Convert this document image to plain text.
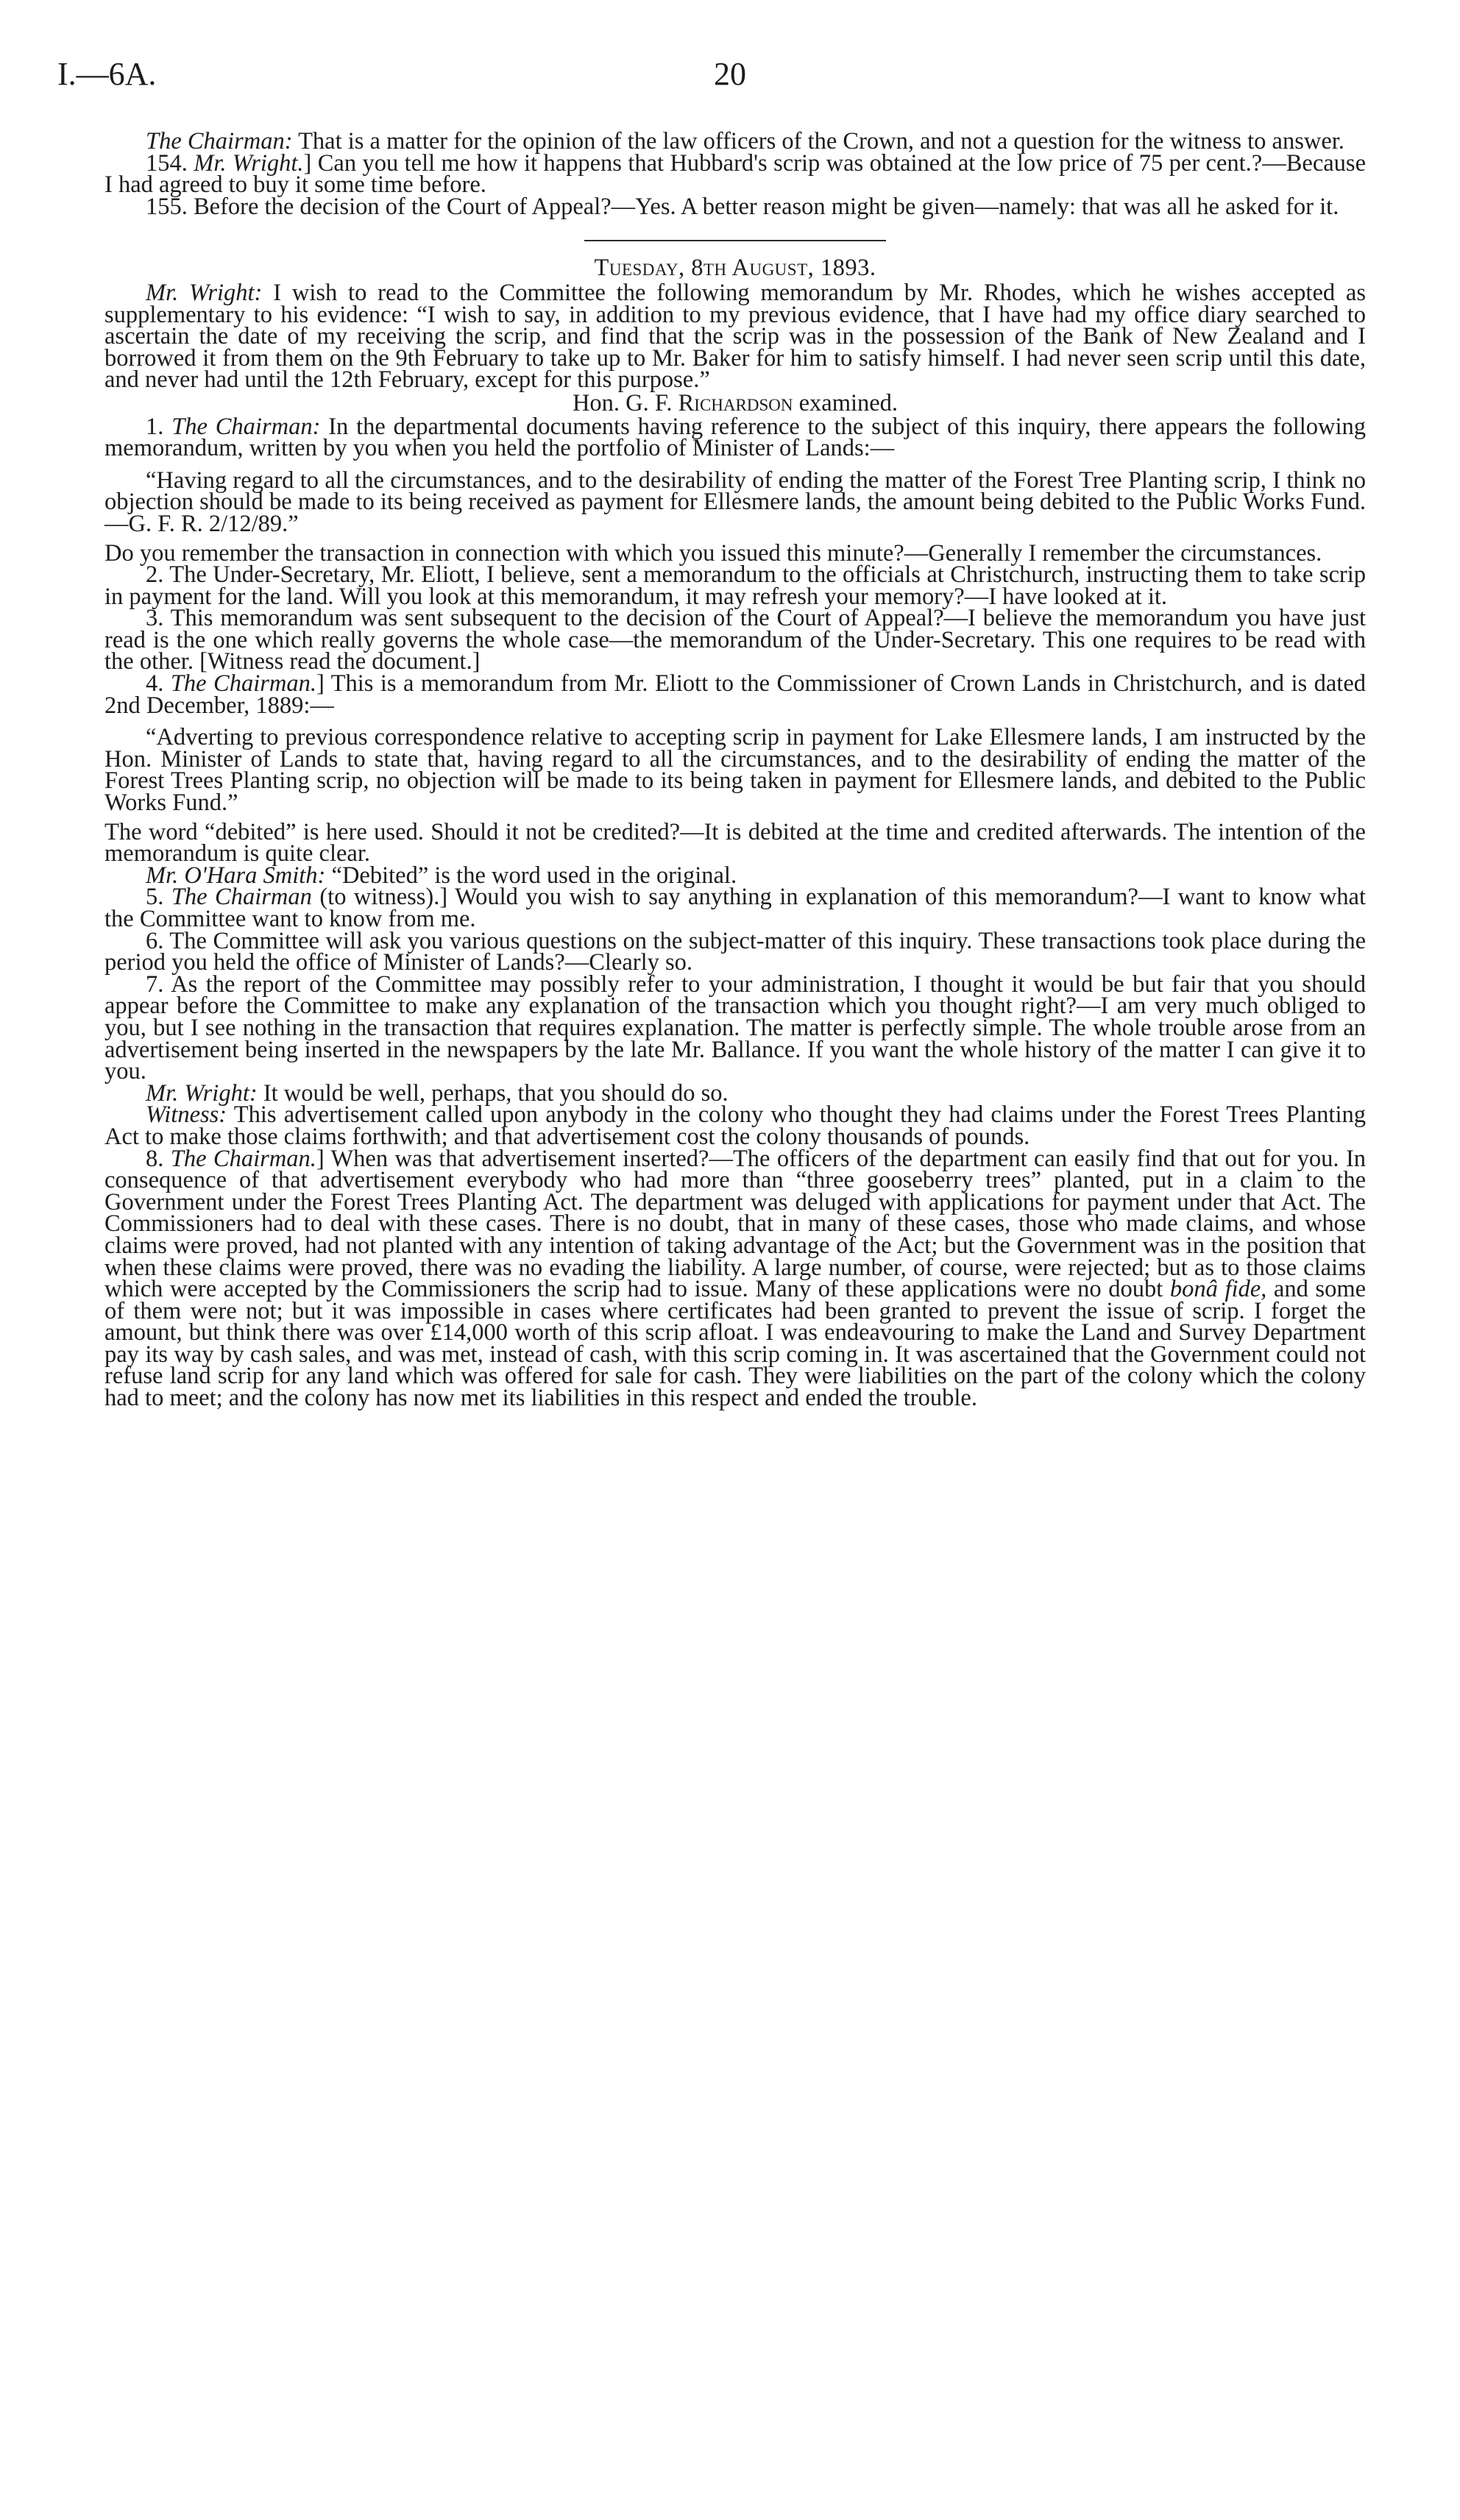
I.—6A.	20

The Chairman: That is a matter for the opinion of the law officers of the Crown, and not a question for the witness to answer.

154. Mr. Wright.] Can you tell me how it happens that Hubbard's scrip was obtained at the low price of 75 per cent.?—Because I had agreed to buy it some time before.

155. Before the decision of the Court of Appeal?—Yes. A better reason might be given—namely: that was all he asked for it.

Tuesday, 8th August, 1893.

Mr. Wright: I wish to read to the Committee the following memorandum by Mr. Rhodes, which he wishes accepted as supplementary to his evidence: “I wish to say, in addition to my previous evidence, that I have had my office diary searched to ascertain the date of my receiving the scrip, and find that the scrip was in the possession of the Bank of New Zealand and I borrowed it from them on the 9th February to take up to Mr. Baker for him to satisfy himself. I had never seen scrip until this date, and never had until the 12th February, except for this purpose.”

Hon. G. F. Richardson examined.

1. The Chairman: In the departmental documents having reference to the subject of this inquiry, there appears the following memorandum, written by you when you held the portfolio of Minister of Lands:—

“Having regard to all the circumstances, and to the desirability of ending the matter of the Forest Tree Planting scrip, I think no objection should be made to its being received as payment for Ellesmere lands, the amount being debited to the Public Works Fund.—G. F. R. 2/12/89.”

Do you remember the transaction in connection with which you issued this minute?—Generally I remember the circumstances.

2. The Under-Secretary, Mr. Eliott, I believe, sent a memorandum to the officials at Christchurch, instructing them to take scrip in payment for the land. Will you look at this memorandum, it may refresh your memory?—I have looked at it.

3. This memorandum was sent subsequent to the decision of the Court of Appeal?—I believe the memorandum you have just read is the one which really governs the whole case—the memorandum of the Under-Secretary. This one requires to be read with the other. [Witness read the document.]

4. The Chairman.] This is a memorandum from Mr. Eliott to the Commissioner of Crown Lands in Christchurch, and is dated 2nd December, 1889:—

“Adverting to previous correspondence relative to accepting scrip in payment for Lake Ellesmere lands, I am instructed by the Hon. Minister of Lands to state that, having regard to all the circumstances, and to the desirability of ending the matter of the Forest Trees Planting scrip, no objection will be made to its being taken in payment for Ellesmere lands, and debited to the Public Works Fund.”

The word “debited” is here used. Should it not be credited?—It is debited at the time and credited afterwards. The intention of the memorandum is quite clear.

Mr. O'Hara Smith: “Debited” is the word used in the original.

5. The Chairman (to witness).] Would you wish to say anything in explanation of this memorandum?—I want to know what the Committee want to know from me.

6. The Committee will ask you various questions on the subject-matter of this inquiry. These transactions took place during the period you held the office of Minister of Lands?—Clearly so.

7. As the report of the Committee may possibly refer to your administration, I thought it would be but fair that you should appear before the Committee to make any explanation of the transaction which you thought right?—I am very much obliged to you, but I see nothing in the transaction that requires explanation. The matter is perfectly simple. The whole trouble arose from an advertisement being inserted in the newspapers by the late Mr. Ballance. If you want the whole history of the matter I can give it to you.

Mr. Wright: It would be well, perhaps, that you should do so.

Witness: This advertisement called upon anybody in the colony who thought they had claims under the Forest Trees Planting Act to make those claims forthwith; and that advertisement cost the colony thousands of pounds.

8. The Chairman.] When was that advertisement inserted?—The officers of the department can easily find that out for you. In consequence of that advertisement everybody who had more than “three gooseberry trees” planted, put in a claim to the Government under the Forest Trees Planting Act. The department was deluged with applications for payment under that Act. The Commissioners had to deal with these cases. There is no doubt, that in many of these cases, those who made claims, and whose claims were proved, had not planted with any intention of taking advantage of the Act; but the Government was in the position that when these claims were proved, there was no evading the liability. A large number, of course, were rejected; but as to those claims which were accepted by the Commissioners the scrip had to issue. Many of these applications were no doubt bonâ fide, and some of them were not; but it was impossible in cases where certificates had been granted to prevent the issue of scrip. I forget the amount, but think there was over £14,000 worth of this scrip afloat. I was endeavouring to make the Land and Survey Department pay its way by cash sales, and was met, instead of cash, with this scrip coming in. It was ascertained that the Government could not refuse land scrip for any land which was offered for sale for cash. They were liabilities on the part of the colony which the colony had to meet; and the colony has now met its liabilities in this respect and ended the trouble.
